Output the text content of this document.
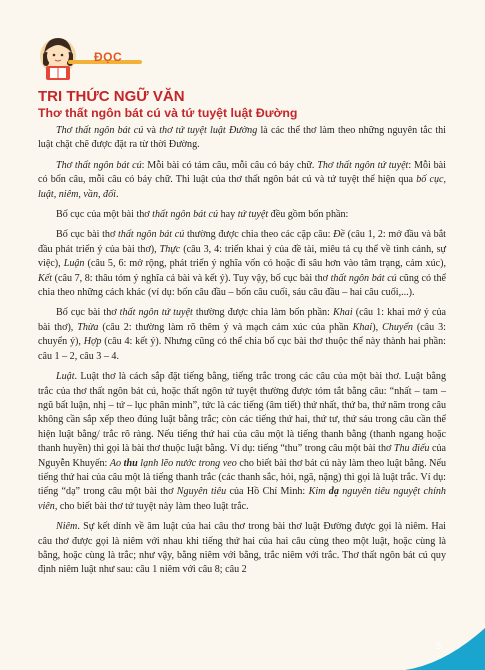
ĐỌC
TRI THỨC NGỮ VĂN
Thơ thất ngôn bát cú và tứ tuyệt luật Đường

Thơ thất ngôn bát cú và thơ tứ tuyệt luật Đường là các thể thơ làm theo những nguyên tắc thi luật chặt chẽ được đặt ra từ thời Đường.

Thơ thất ngôn bát cú: Mỗi bài có tám câu, mỗi câu có bảy chữ. Thơ thất ngôn tứ tuyệt: Mỗi bài có bốn câu, mỗi câu có bảy chữ. Thi luật của thơ thất ngôn bát cú và tứ tuyệt thể hiện qua bố cục, luật, niêm, vần, đối.

Bố cục của một bài thơ thất ngôn bát cú hay tứ tuyệt đều gồm bốn phần:

Bố cục bài thơ thất ngôn bát cú thường được chia theo các cặp câu: Đề (câu 1, 2: mở đầu và bắt đầu phát triển ý của bài thơ), Thực (câu 3, 4: triển khai ý của đề tài, miêu tả cụ thể về tình cảnh, sự việc), Luận (câu 5, 6: mở rộng, phát triển ý nghĩa vốn có hoặc đi sâu hơn vào tâm trạng, cảm xúc), Kết (câu 7, 8: thâu tóm ý nghĩa cả bài và kết ý). Tuy vậy, bố cục bài thơ thất ngôn bát cú cũng có thể chia theo những cách khác (ví dụ: bốn câu đầu – bốn câu cuối, sáu câu đầu – hai câu cuối,...).

Bố cục bài thơ thất ngôn tứ tuyệt thường được chia làm bốn phần: Khai (câu 1: khai mở ý của bài thơ), Thừa (câu 2: thường làm rõ thêm ý và mạch cảm xúc của phần Khai), Chuyển (câu 3: chuyển ý), Hợp (câu 4: kết ý). Nhưng cũng có thể chia bố cục bài thơ thuộc thể này thành hai phần: câu 1 – 2, câu 3 – 4.

Luật. Luật thơ là cách sắp đặt tiếng bằng, tiếng trắc trong các câu của một bài thơ. Luật bằng trắc của thơ thất ngôn bát cú, hoặc thất ngôn tứ tuyệt thường được tóm tắt bằng câu: “nhất – tam – ngũ bất luận, nhị – tứ – lục phân minh”, tức là các tiếng (âm tiết) thứ nhất, thứ ba, thứ năm trong câu không cần sắp xếp theo đúng luật bằng trắc; còn các tiếng thứ hai, thứ tư, thứ sáu trong câu cần thể hiện luật bằng/ trắc rõ ràng. Nếu tiếng thứ hai của câu một là tiếng thanh bằng (thanh ngang hoặc thanh huyền) thì gọi là bài thơ thuộc luật bằng. Ví dụ: tiếng “thu” trong câu một bài thơ Thu điếu của Nguyễn Khuyến: Ao thu lạnh lẽo nước trong veo cho biết bài thơ bát cú này làm theo luật bằng. Nếu tiếng thứ hai của câu một là tiếng thanh trắc (các thanh sắc, hỏi, ngã, nặng) thì gọi là luật trắc. Ví dụ: tiếng “dạ” trong câu một bài thơ Nguyên tiêu của Hồ Chí Minh: Kim dạ nguyên tiêu nguyệt chính viên, cho biết bài thơ tứ tuyệt này làm theo luật trắc.

Niêm. Sự kết dính về âm luật của hai câu thơ trong bài thơ luật Đường được gọi là niêm. Hai câu thơ được gọi là niêm với nhau khi tiếng thứ hai của hai câu cùng theo một luật, hoặc cùng là bằng, hoặc cùng là trắc; như vậy, bằng niêm với bằng, trắc niêm với trắc. Thơ thất ngôn bát cú quy định niêm luật như sau: câu 1 niêm với câu 8; câu 2

5
